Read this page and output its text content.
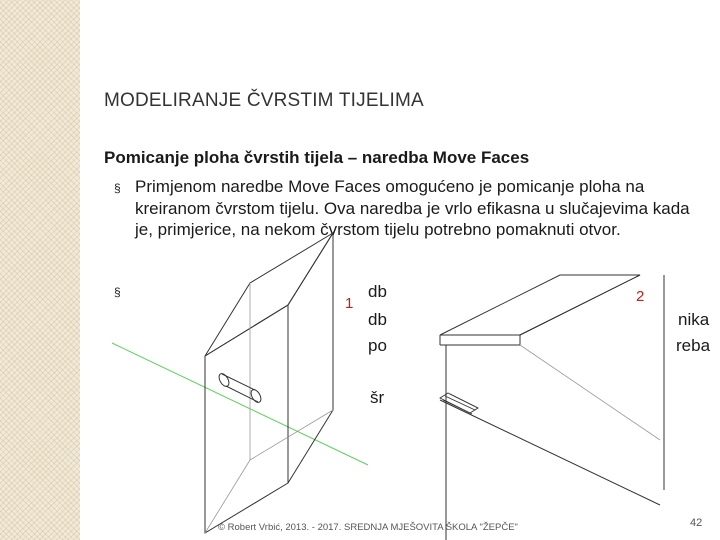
MODELIRANJE ČVRSTIM TIJELIMA
Pomicanje ploha čvrstih tijela – naredba Move Faces
§ Primjenom naredbe Move Faces omogućeno je pomicanje ploha na kreiranom čvrstom tijelu. Ova naredba je vrlo efikasna u slučajevima kada je, primjerice, na nekom čvrstom tijelu potrebno pomaknuti otvor.
§	db
db
po
nika
reba
šr
1	2
© Robert Vrbić, 2013. - 2017. SREDNJA MJEŠOVITA ŠKOLA "ŽEPČE"	42
